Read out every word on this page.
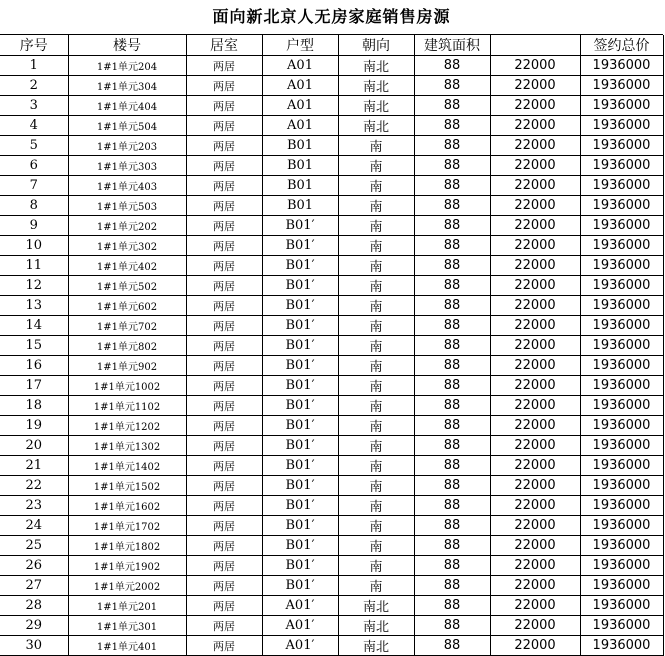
面向新北京人无房家庭销售房源
序号	楼号	居室	户型	朝向	建筑面积		签约总价
1	1#1单元204	两居	A01	南北	88	22000	1936000
2	1#1单元304	两居	A01	南北	88	22000	1936000
3	1#1单元404	两居	A01	南北	88	22000	1936000
4	1#1单元504	两居	A01	南北	88	22000	1936000
5	1#1单元203	两居	B01	南	88	22000	1936000
6	1#1单元303	两居	B01	南	88	22000	1936000
7	1#1单元403	两居	B01	南	88	22000	1936000
8	1#1单元503	两居	B01	南	88	22000	1936000
9	1#1单元202	两居	B01′	南	88	22000	1936000
10	1#1单元302	两居	B01′	南	88	22000	1936000
11	1#1单元402	两居	B01′	南	88	22000	1936000
12	1#1单元502	两居	B01′	南	88	22000	1936000
13	1#1单元602	两居	B01′	南	88	22000	1936000
14	1#1单元702	两居	B01′	南	88	22000	1936000
15	1#1单元802	两居	B01′	南	88	22000	1936000
16	1#1单元902	两居	B01′	南	88	22000	1936000
17	1#1单元1002	两居	B01′	南	88	22000	1936000
18	1#1单元1102	两居	B01′	南	88	22000	1936000
19	1#1单元1202	两居	B01′	南	88	22000	1936000
20	1#1单元1302	两居	B01′	南	88	22000	1936000
21	1#1单元1402	两居	B01′	南	88	22000	1936000
22	1#1单元1502	两居	B01′	南	88	22000	1936000
23	1#1单元1602	两居	B01′	南	88	22000	1936000
24	1#1单元1702	两居	B01′	南	88	22000	1936000
25	1#1单元1802	两居	B01′	南	88	22000	1936000
26	1#1单元1902	两居	B01′	南	88	22000	1936000
27	1#1单元2002	两居	B01′	南	88	22000	1936000
28	1#1单元201	两居	A01′	南北	88	22000	1936000
29	1#1单元301	两居	A01′	南北	88	22000	1936000
30	1#1单元401	两居	A01′	南北	88	22000	1936000
